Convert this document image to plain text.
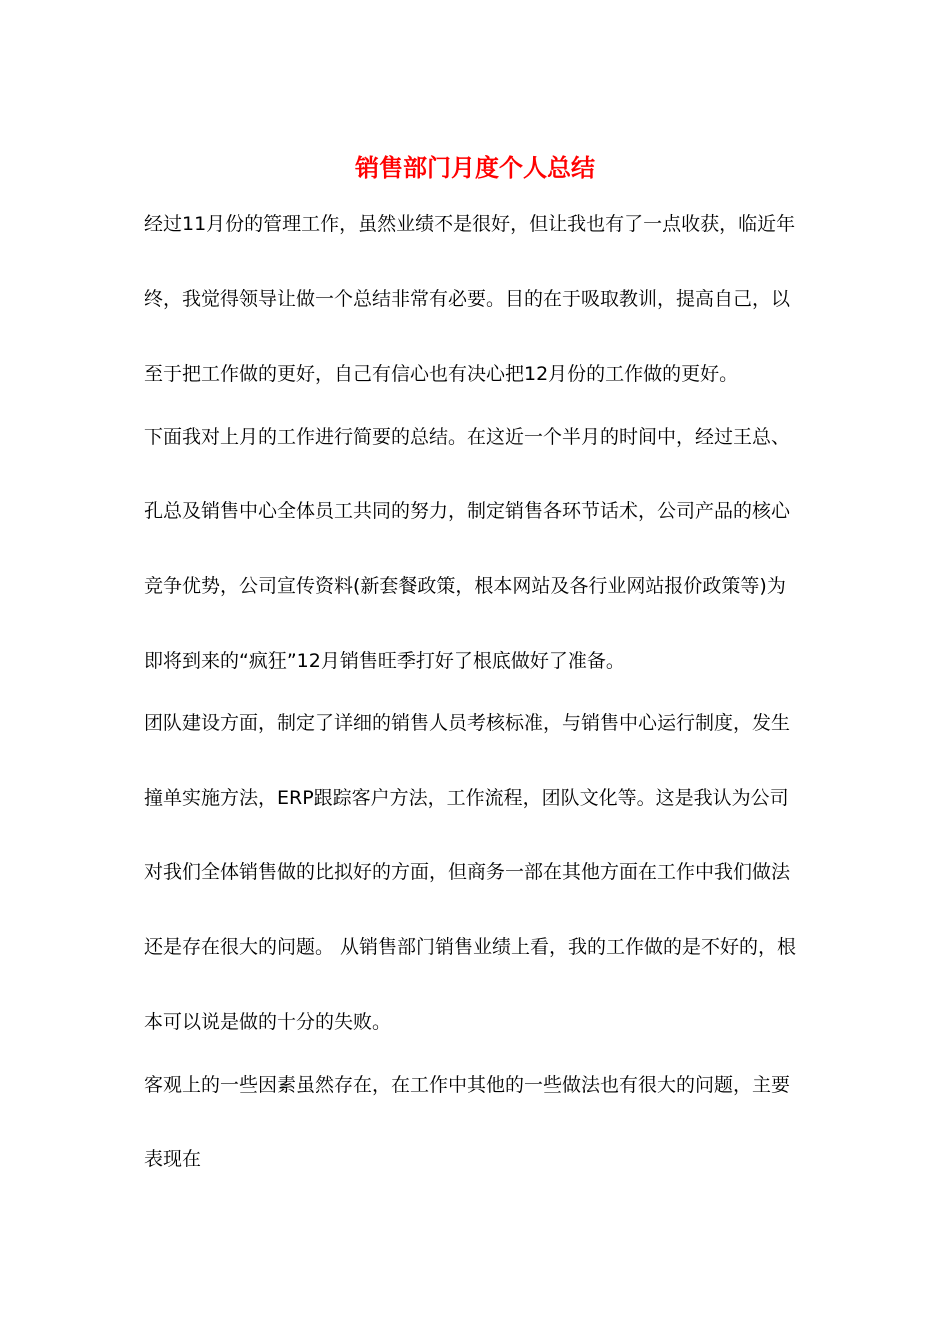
销售部门月度个人总结
经过11月份的管理工作，虽然业绩不是很好，但让我也有了一点收获，临近年
终，我觉得领导让做一个总结非常有必要。目的在于吸取教训，提高自己，以
至于把工作做的更好，自己有信心也有决心把12月份的工作做的更好。
下面我对上月的工作进行简要的总结。在这近一个半月的时间中，经过王总、
孔总及销售中心全体员工共同的努力，制定销售各环节话术，公司产品的核心
竞争优势，公司宣传资料(新套餐政策，根本网站及各行业网站报价政策等)为
即将到来的“疯狂”12月销售旺季打好了根底做好了准备。
团队建设方面，制定了详细的销售人员考核标准，与销售中心运行制度，发生
撞单实施方法，ERP跟踪客户方法，工作流程，团队文化等。这是我认为公司
对我们全体销售做的比拟好的方面，但商务一部在其他方面在工作中我们做法
还是存在很大的问题。 从销售部门销售业绩上看，我的工作做的是不好的，根
本可以说是做的十分的失败。
客观上的一些因素虽然存在，在工作中其他的一些做法也有很大的问题，主要
表现在
